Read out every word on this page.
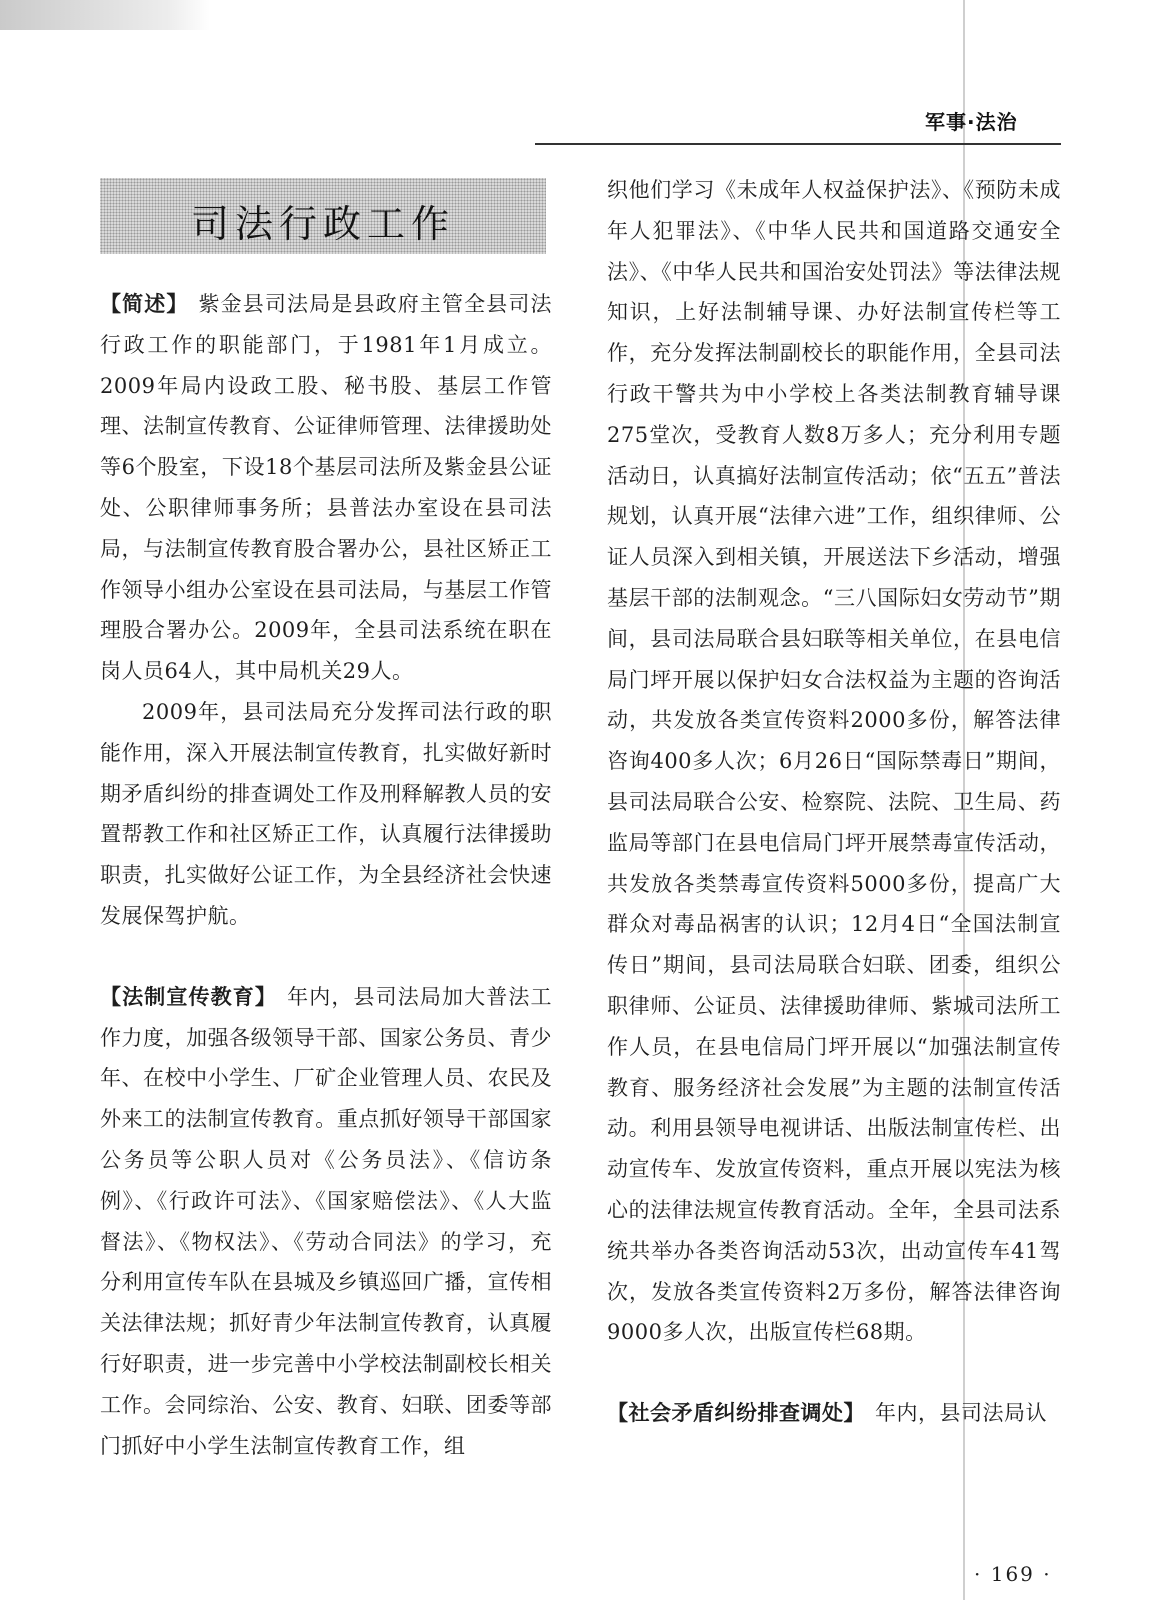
军事·法治
司法行政工作

【简述】 紫金县司法局是县政府主管全县司法行政工作的职能部门，于1981年1月成立。2009年局内设政工股、秘书股、基层工作管理、法制宣传教育、公证律师管理、法律援助处等6个股室，下设18个基层司法所及紫金县公证处、公职律师事务所；县普法办室设在县司法局，与法制宣传教育股合署办公，县社区矫正工作领导小组办公室设在县司法局，与基层工作管理股合署办公。2009年，全县司法系统在职在岗人员64人，其中局机关29人。

2009年，县司法局充分发挥司法行政的职能作用，深入开展法制宣传教育，扎实做好新时期矛盾纠纷的排查调处工作及刑释解教人员的安置帮教工作和社区矫正工作，认真履行法律援助职责，扎实做好公证工作，为全县经济社会快速发展保驾护航。

【法制宣传教育】 年内，县司法局加大普法工作力度，加强各级领导干部、国家公务员、青少年、在校中小学生、厂矿企业管理人员、农民及外来工的法制宣传教育。重点抓好领导干部国家公务员等公职人员对《公务员法》、《信访条例》、《行政许可法》、《国家赔偿法》、《人大监督法》、《物权法》、《劳动合同法》的学习，充分利用宣传车队在县城及乡镇巡回广播，宣传相关法律法规；抓好青少年法制宣传教育，认真履行好职责，进一步完善中小学校法制副校长相关工作。会同综治、公安、教育、妇联、团委等部门抓好中小学生法制宣传教育工作，组

织他们学习《未成年人权益保护法》、《预防未成年人犯罪法》、《中华人民共和国道路交通安全法》、《中华人民共和国治安处罚法》等法律法规知识，上好法制辅导课、办好法制宣传栏等工作，充分发挥法制副校长的职能作用，全县司法行政干警共为中小学校上各类法制教育辅导课275堂次，受教育人数8万多人；充分利用专题活动日，认真搞好法制宣传活动；依“五五”普法规划，认真开展“法律六进”工作，组织律师、公证人员深入到相关镇，开展送法下乡活动，增强基层干部的法制观念。“三八国际妇女劳动节”期间，县司法局联合县妇联等相关单位，在县电信局门坪开展以保护妇女合法权益为主题的咨询活动，共发放各类宣传资料2000多份，解答法律咨询400多人次；6月26日“国际禁毒日”期间，县司法局联合公安、检察院、法院、卫生局、药监局等部门在县电信局门坪开展禁毒宣传活动，共发放各类禁毒宣传资料5000多份，提高广大群众对毒品祸害的认识；12月4日“全国法制宣传日”期间，县司法局联合妇联、团委，组织公职律师、公证员、法律援助律师、紫城司法所工作人员，在县电信局门坪开展以“加强法制宣传教育、服务经济社会发展”为主题的法制宣传活动。利用县领导电视讲话、出版法制宣传栏、出动宣传车、发放宣传资料，重点开展以宪法为核心的法律法规宣传教育活动。全年，全县司法系统共举办各类咨询活动53次，出动宣传车41驾次，发放各类宣传资料2万多份，解答法律咨询9000多人次，出版宣传栏68期。

【社会矛盾纠纷排查调处】 年内，县司法局认

· 169 ·
